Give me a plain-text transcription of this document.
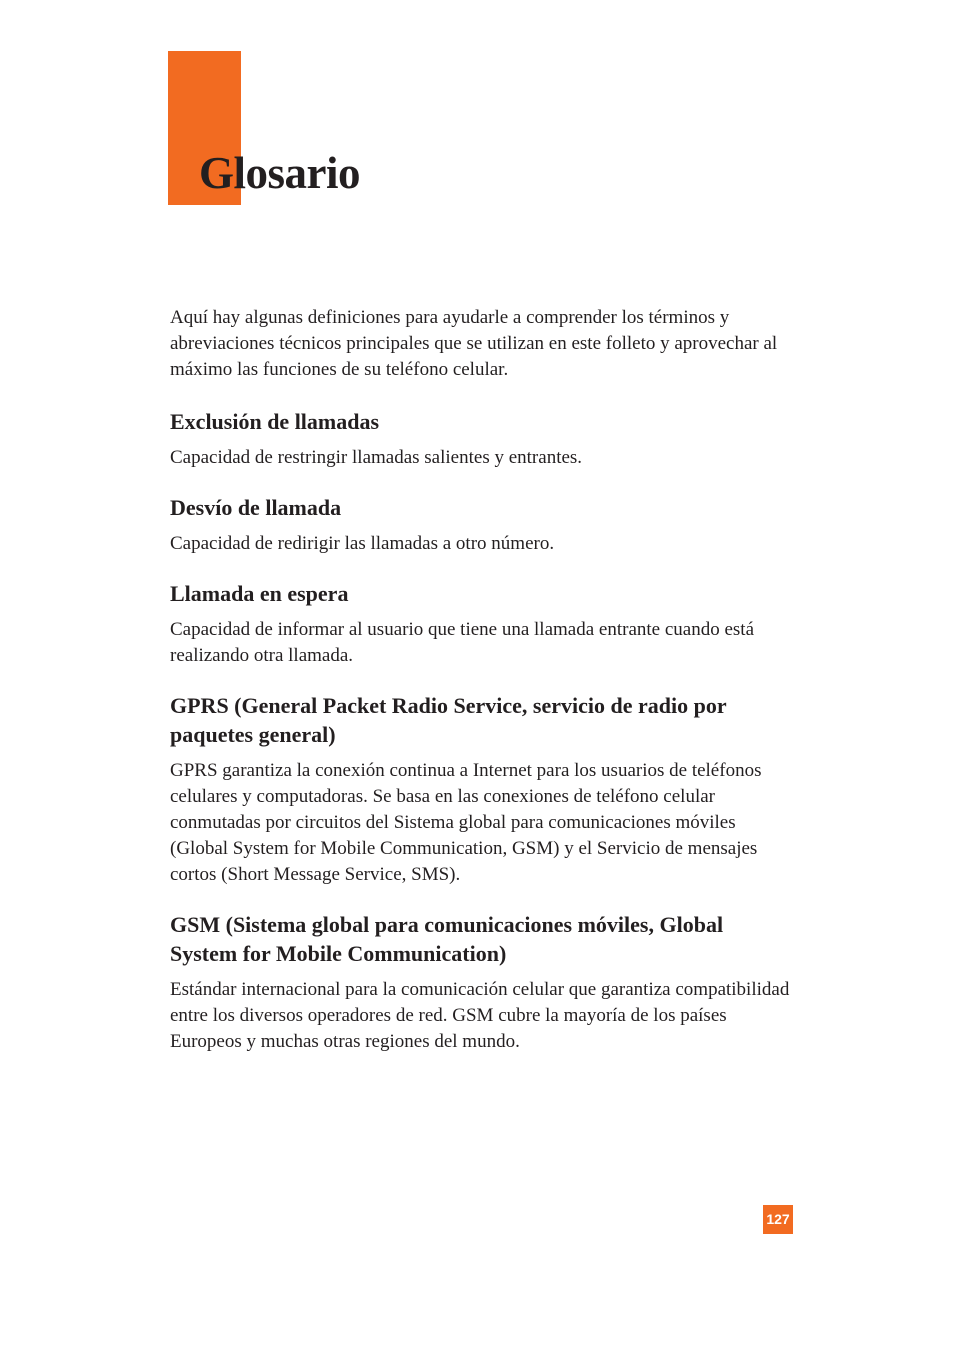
Glosario

Aquí hay algunas definiciones para ayudarle a comprender los términos y abreviaciones técnicos principales que se utilizan en este folleto y aprovechar al máximo las funciones de su teléfono celular.

Exclusión de llamadas

Capacidad de restringir llamadas salientes y entrantes.

Desvío de llamada

Capacidad de redirigir las llamadas a otro número.

Llamada en espera

Capacidad de informar al usuario que tiene una llamada entrante cuando está realizando otra llamada.

GPRS (General Packet Radio Service, servicio de radio por paquetes general)

GPRS garantiza la conexión continua a Internet para los usuarios de teléfonos celulares y computadoras. Se basa en las conexiones de teléfono celular conmutadas por circuitos del Sistema global para comunicaciones móviles (Global System for Mobile Communication, GSM) y el Servicio de mensajes cortos (Short Message Service, SMS).

GSM (Sistema global para comunicaciones móviles, Global System for Mobile Communication)

Estándar internacional para la comunicación celular que garantiza compatibilidad entre los diversos operadores de red. GSM cubre la mayoría de los países Europeos y muchas otras regiones del mundo.

127
